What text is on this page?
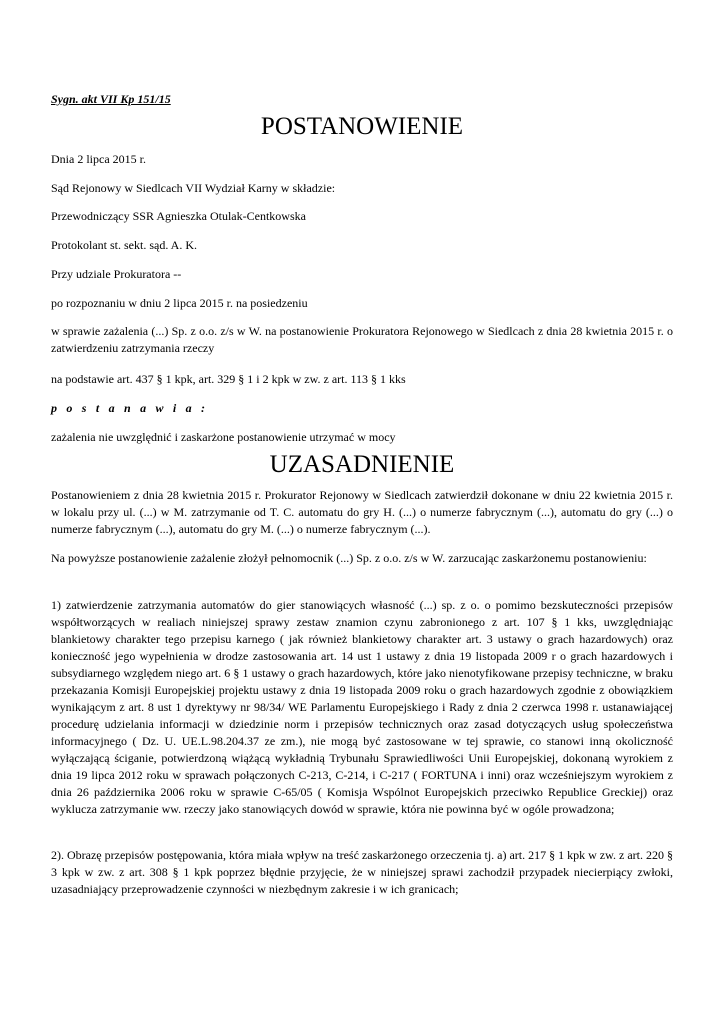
Sygn. akt VII Kp 151/15
POSTANOWIENIE
Dnia 2 lipca 2015 r.
Sąd Rejonowy w Siedlcach VII Wydział Karny w składzie:
Przewodniczący SSR Agnieszka Otulak-Centkowska
Protokolant st. sekt. sąd. A. K.
Przy udziale Prokuratora --
po rozpoznaniu w dniu 2 lipca 2015 r. na posiedzeniu
w sprawie zażalenia (...) Sp. z o.o. z/s w W. na postanowienie Prokuratora Rejonowego w Siedlcach z dnia 28 kwietnia 2015 r. o zatwierdzeniu zatrzymania rzeczy
na podstawie art. 437 § 1 kpk, art. 329 § 1 i 2 kpk w zw. z art. 113 § 1 kks
p o s t a n a w i a :
zażalenia nie uwzględnić i zaskarżone postanowienie utrzymać w mocy
UZASADNIENIE
Postanowieniem z dnia 28 kwietnia 2015 r. Prokurator Rejonowy w Siedlcach zatwierdził dokonane w dniu 22 kwietnia 2015 r. w lokalu przy ul. (...) w M. zatrzymanie od T. C. automatu do gry H. (...) o numerze fabrycznym (...), automatu do gry (...) o numerze fabrycznym (...), automatu do gry M. (...) o numerze fabrycznym (...).
Na powyższe postanowienie zażalenie złożył pełnomocnik (...) Sp. z o.o. z/s w W. zarzucając zaskarżonemu postanowieniu:
1) zatwierdzenie zatrzymania automatów do gier stanowiących własność (...) sp. z o. o pomimo bezskuteczności przepisów współtworzących w realiach niniejszej sprawy zestaw znamion czynu zabronionego z art. 107 § 1 kks, uwzględniając blankietowy charakter tego przepisu karnego ( jak również blankietowy charakter art. 3 ustawy o grach hazardowych) oraz konieczność jego wypełnienia w drodze zastosowania art. 14 ust 1 ustawy z dnia 19 listopada 2009 r o grach hazardowych i subsydiarnego względem niego art. 6 § 1 ustawy o grach hazardowych, które jako nienotyfikowane przepisy techniczne, w braku przekazania Komisji Europejskiej projektu ustawy z dnia 19 listopada 2009 roku o grach hazardowych zgodnie z obowiązkiem wynikającym z art. 8 ust 1 dyrektywy nr 98/34/ WE Parlamentu Europejskiego i Rady z dnia 2 czerwca 1998 r. ustanawiającej procedurę udzielania informacji w dziedzinie norm i przepisów technicznych oraz zasad dotyczących usług społeczeństwa informacyjnego ( Dz. U. UE.L.98.204.37 ze zm.), nie mogą być zastosowane w tej sprawie, co stanowi inną okoliczność wyłączającą ściganie, potwierdzoną wiążącą wykładnią Trybunału Sprawiedliwości Unii Europejskiej, dokonaną wyrokiem z dnia 19 lipca 2012 roku w sprawach połączonych C-213, C-214, i C-217 ( FORTUNA i inni) oraz wcześniejszym wyrokiem z dnia 26 października 2006 roku w sprawie C-65/05 ( Komisja Wspólnot Europejskich przeciwko Republice Greckiej) oraz wyklucza zatrzymanie ww. rzeczy jako stanowiących dowód w sprawie, która nie powinna być w ogóle prowadzona;
2). Obrazę przepisów postępowania, która miała wpływ na treść zaskarżonego orzeczenia tj. a) art. 217 § 1 kpk w zw. z art. 220 § 3 kpk w zw. z art. 308 § 1 kpk poprzez błędnie przyjęcie, że w niniejszej sprawi zachodził przypadek niecierpiący zwłoki, uzasadniający przeprowadzenie czynności w niezbędnym zakresie i w ich granicach;
